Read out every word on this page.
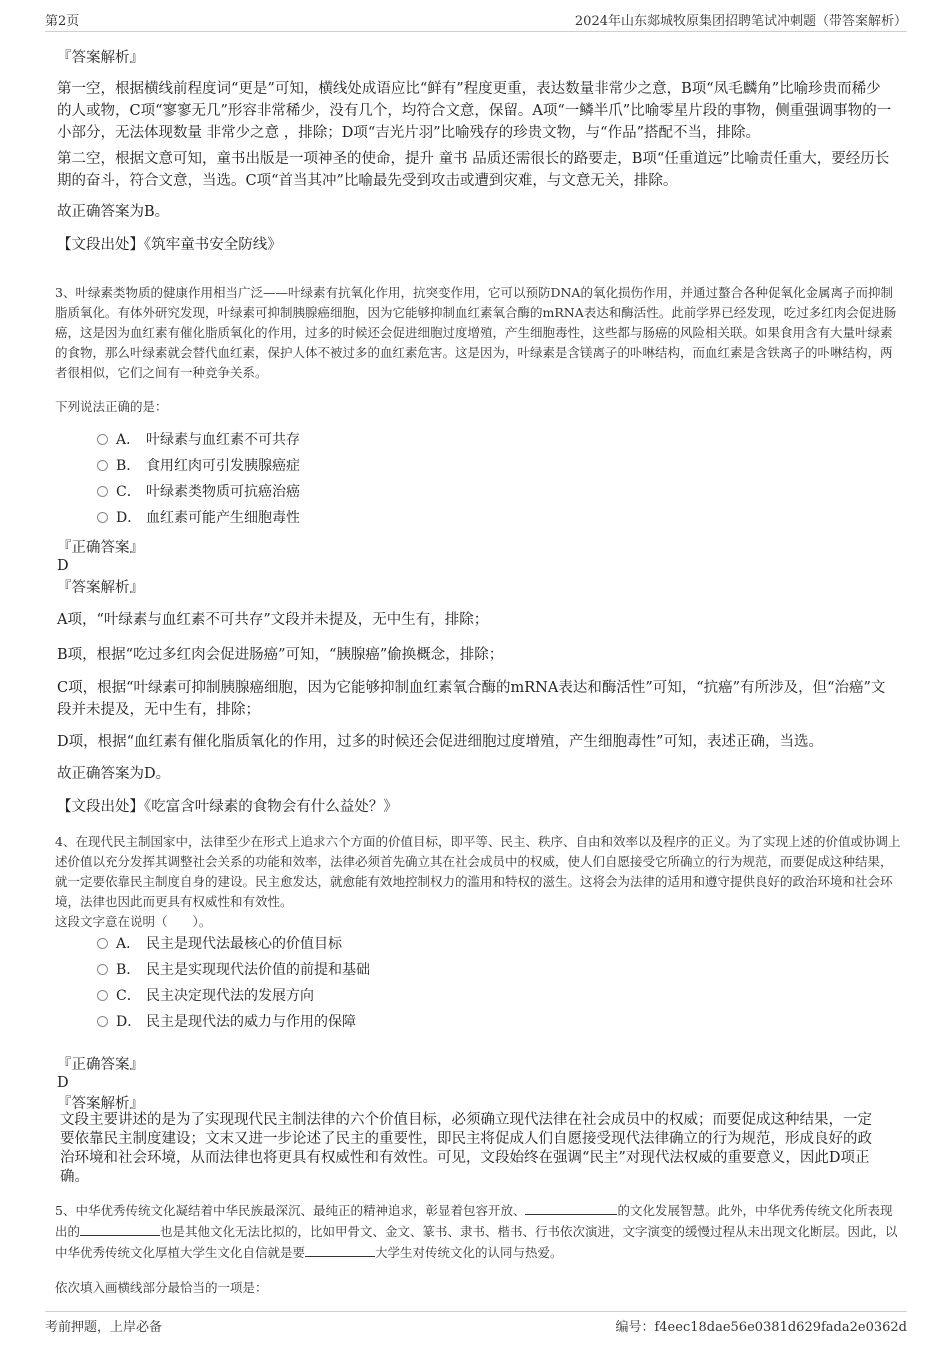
第2页	2024年山东郯城牧原集团招聘笔试冲刺题（带答案解析）
『答案解析』
第一空，根据横线前程度词“更是”可知，横线处成语应比“鲜有”程度更重，表达数量非常少之意，B项“凤毛麟角”比喻珍贵而稀少的人或物，C项“寥寥无几”形容非常稀少，没有几个，均符合文意，保留。A项“一鳞半爪”比喻零星片段的事物，侧重强调事物的一小部分，无法体现数量 非常少之意 ，排除；D项“吉光片羽”比喻残存的珍贵文物，与“作品”搭配不当，排除。
第二空，根据文意可知，童书出版是一项神圣的使命，提升 童书 品质还需很长的路要走，B项“任重道远”比喻责任重大，要经历长期的奋斗，符合文意，当选。C项“首当其冲”比喻最先受到攻击或遭到灾难，与文意无关，排除。
故正确答案为B。
【文段出处】《筑牢童书安全防线》
3、叶绿素类物质的健康作用相当广泛——叶绿素有抗氧化作用，抗突变作用，它可以预防DNA的氧化损伤作用，并通过螯合各种促氧化金属离子而抑制脂质氧化。有体外研究发现，叶绿素可抑制胰腺癌细胞，因为它能够抑制血红素氧合酶的mRNA表达和酶活性。此前学界已经发现，吃过多红肉会促进肠癌，这是因为血红素有催化脂质氧化的作用，过多的时候还会促进细胞过度增殖，产生细胞毒性，这些都与肠癌的风险相关联。如果食用含有大量叶绿素的食物，那么叶绿素就会替代血红素，保护人体不被过多的血红素危害。这是因为，叶绿素是含镁离子的卟啉结构，而血红素是含铁离子的卟啉结构，两者很相似，它们之间有一种竞争关系。
下列说法正确的是：
A． 叶绿素与血红素不可共存
B． 食用红肉可引发胰腺癌症
C． 叶绿素类物质可抗癌治癌
D． 血红素可能产生细胞毒性
『正确答案』
D
『答案解析』
A项，“叶绿素与血红素不可共存”文段并未提及，无中生有，排除；
B项，根据“吃过多红肉会促进肠癌”可知，“胰腺癌”偷换概念，排除；
C项，根据“叶绿素可抑制胰腺癌细胞，因为它能够抑制血红素氧合酶的mRNA表达和酶活性”可知，“抗癌”有所涉及，但“治癌”文段并未提及，无中生有，排除；
D项，根据“血红素有催化脂质氧化的作用，过多的时候还会促进细胞过度增殖，产生细胞毒性”可知，表述正确，当选。
故正确答案为D。
【文段出处】《吃富含叶绿素的食物会有什么益处？》
4、在现代民主制国家中，法律至少在形式上追求六个方面的价值目标，即平等、民主、秩序、自由和效率以及程序的正义。为了实现上述的价值或协调上述价值以充分发挥其调整社会关系的功能和效率，法律必须首先确立其在社会成员中的权威，使人们自愿接受它所确立的行为规范，而要促成这种结果，就一定要依靠民主制度自身的建设。民主愈发达，就愈能有效地控制权力的滥用和特权的滋生。这将会为法律的适用和遵守提供良好的政治环境和社会环境，法律也因此而更具有权威性和有效性。
这段文字意在说明（　　）。
A． 民主是现代法最核心的价值目标
B． 民主是实现现代法价值的前提和基础
C． 民主决定现代法的发展方向
D． 民主是现代法的威力与作用的保障
『正确答案』
D
『答案解析』
文段主要讲述的是为了实现现代民主制法律的六个价值目标，必须确立现代法律在社会成员中的权威；而要促成这种结果，一定要依靠民主制度建设；文末又进一步论述了民主的重要性，即民主将促成人们自愿接受现代法律确立的行为规范，形成良好的政治环境和社会环境，从而法律也将更具有权威性和有效性。可见，文段始终在强调“民主”对现代法权威的重要意义，因此D项正确。
5、中华优秀传统文化凝结着中华民族最深沉、最纯正的精神追求，彰显着包容开放、	的文化发展智慧。此外，中华优秀传统文化所表现出的	也是其他文化无法比拟的，比如甲骨文、金文、篆书、隶书、楷书、行书依次演进，文字演变的缓慢过程从未出现文化断层。因此，以中华优秀传统文化厚植大学生文化自信就是要	大学生对传统文化的认同与热爱。
依次填入画横线部分最恰当的一项是：
考前押题，上岸必备	编号：f4eec18dae56e0381d629fada2e0362d
